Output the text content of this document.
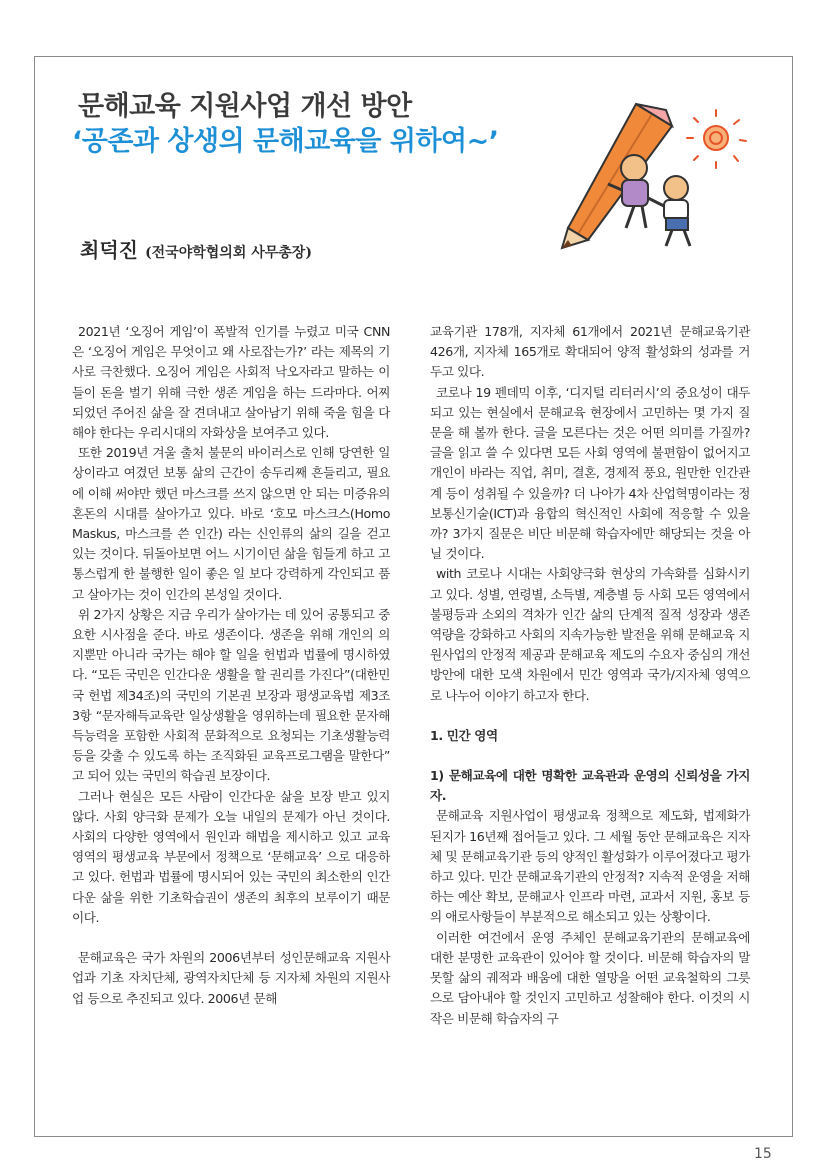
문해교육 지원사업 개선 방안
‘공존과 상생의 문해교육을 위하여~’
최덕진 (전국야학협의회 사무총장)

2021년 ‘오징어 게임’이 폭발적 인기를 누렸고 미국 CNN은 ‘오징어 게임은 무엇이고 왜 사로잡는가?’ 라는 제목의 기사로 극찬했다. 오징어 게임은 사회적 낙오자라고 말하는 이들이 돈을 벌기 위해 극한 생존 게임을 하는 드라마다. 어찌되었던 주어진 삶을 잘 견뎌내고 살아남기 위해 죽을 힘을 다해야 한다는 우리시대의 자화상을 보여주고 있다.

또한 2019년 겨울 출처 불문의 바이러스로 인해 당연한 일상이라고 여겼던 보통 삶의 근간이 송두리째 흔들리고, 필요에 이해 써야만 했던 마스크를 쓰지 않으면 안 되는 미증유의 혼돈의 시대를 살아가고 있다. 바로 ‘호모 마스크스(Homo Maskus, 마스크를 쓴 인간) 라는 신인류의 삶의 길을 걷고 있는 것이다. 뒤돌아보면 어느 시기이던 삶을 힘들게 하고 고통스럽게 한 불행한 일이 좋은 일 보다 강력하게 각인되고 품고 살아가는 것이 인간의 본성일 것이다.

위 2가지 상황은 지금 우리가 살아가는 데 있어 공통되고 중요한 시사점을 준다. 바로 생존이다. 생존을 위해 개인의 의지뿐만 아니라 국가는 해야 할 일을 헌법과 법률에 명시하였다. “모든 국민은 인간다운 생활을 할 권리를 가진다”(대한민국 헌법 제34조)의 국민의 기본권 보장과 평생교육법 제3조 3항 “문자해득교육란 일상생활을 영위하는데 필요한 문자해득능력을 포함한 사회적 문화적으로 요청되는 기초생활능력 등을 갖출 수 있도록 하는 조직화된 교육프로그램을 말한다” 고 되어 있는 국민의 학습권 보장이다.

그러나 현실은 모든 사람이 인간다운 삶을 보장 받고 있지 않다. 사회 양극화 문제가 오늘 내일의 문제가 아닌 것이다. 사회의 다양한 영역에서 원인과 해법을 제시하고 있고 교육 영역의 평생교육 부문에서 정책으로 ‘문해교육’ 으로 대응하고 있다. 헌법과 법률에 명시되어 있는 국민의 최소한의 인간다운 삶을 위한 기초학습권이 생존의 최후의 보루이기 때문이다.

문해교육은 국가 차원의 2006년부터 성인문해교육 지원사업과 기초 자치단체, 광역자치단체 등 지자체 차원의 지원사업 등으로 추진되고 있다. 2006년 문해

교육기관 178개, 지자체 61개에서 2021년 문해교육기관 426개, 지자체 165개로 확대되어 양적 활성화의 성과를 거두고 있다.

코로나 19 펜데믹 이후, ‘디지털 리터러시’의 중요성이 대두되고 있는 현실에서 문해교육 현장에서 고민하는 몇 가지 질문을 해 볼까 한다. 글을 모른다는 것은 어떤 의미를 가질까? 글을 읽고 쓸 수 있다면 모든 사회 영역에 불편함이 없어지고 개인이 바라는 직업, 취미, 결혼, 경제적 풍요, 원만한 인간관계 등이 성취될 수 있을까? 더 나아가 4차 산업혁명이라는 정보통신기술(ICT)과 융합의 혁신적인 사회에 적응할 수 있을까? 3가지 질문은 비단 비문해 학습자에만 해당되는 것을 아닐 것이다.

with 코로나 시대는 사회양극화 현상의 가속화를 심화시키고 있다. 성별, 연령별, 소득별, 계층별 등 사회 모든 영역에서 불평등과 소외의 격차가 인간 삶의 단계적 질적 성장과 생존 역량을 강화하고 사회의 지속가능한 발전을 위해 문해교육 지원사업의 안정적 제공과 문해교육 제도의 수요자 중심의 개선 방안에 대한 모색 차원에서 민간 영역과 국가/지자체 영역으로 나누어 이야기 하고자 한다.

1. 민간 영역

1) 문해교육에 대한 명확한 교육관과 운영의 신뢰성을 가지자.

문해교육 지원사업이 평생교육 정책으로 제도화, 법제화가 된지가 16년째 접어들고 있다. 그 세월 동안 문해교육은 지자체 및 문해교육기관 등의 양적인 활성화가 이루어졌다고 평가하고 있다. 민간 문해교육기관의 안정적? 지속적 운영을 저해하는 예산 확보, 문해교사 인프라 마련, 교과서 지원, 홍보 등의 애로사항들이 부분적으로 해소되고 있는 상황이다.

이러한 여건에서 운영 주체인 문해교육기관의 문해교육에 대한 분명한 교육관이 있어야 할 것이다. 비문해 학습자의 말 못할 삶의 궤적과 배움에 대한 열망을 어떤 교육철학의 그릇으로 담아내야 할 것인지 고민하고 성찰해야 한다. 이것의 시작은 비문해 학습자의 구

15
